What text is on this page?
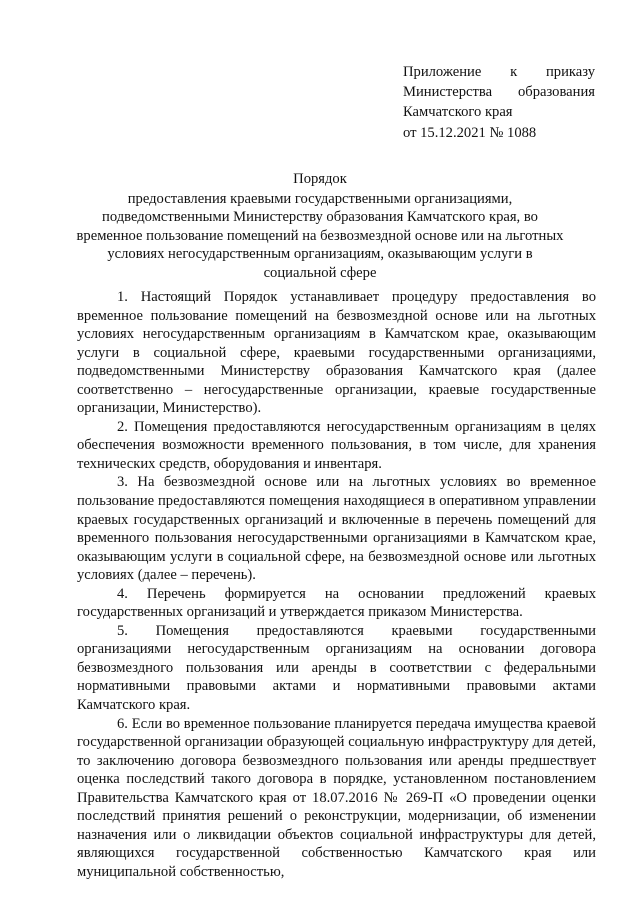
Приложение к приказу
Министерства образования
Камчатского края
от 15.12.2021 № 1088
Порядок
предоставления краевыми государственными организациями, подведомственными Министерству образования Камчатского края, во временное пользование помещений на безвозмездной основе или на льготных условиях негосударственным организациям, оказывающим услуги в социальной сфере

1. Настоящий Порядок устанавливает процедуру предоставления во временное пользование помещений на безвозмездной основе или на льготных условиях негосударственным организациям в Камчатском крае, оказывающим услуги в социальной сфере, краевыми государственными организациями, подведомственными Министерству образования Камчатского края (далее соответственно – негосударственные организации, краевые государственные организации, Министерство).

2. Помещения предоставляются негосударственным организациям в целях обеспечения возможности временного пользования, в том числе, для хранения технических средств, оборудования и инвентаря.

3. На безвозмездной основе или на льготных условиях во временное пользование предоставляются помещения находящиеся в оперативном управлении краевых государственных организаций и включенные в перечень помещений для временного пользования негосударственными организациями в Камчатском крае, оказывающим услуги в социальной сфере, на безвозмездной основе или льготных условиях (далее – перечень).

4. Перечень формируется на основании предложений краевых государственных организаций и утверждается приказом Министерства.

5. Помещения предоставляются краевыми государственными организациями негосударственным организациям на основании договора безвозмездного пользования или аренды в соответствии с федеральными нормативными правовыми актами и нормативными правовыми актами Камчатского края.

6. Если во временное пользование планируется передача имущества краевой государственной организации образующей социальную инфраструктуру для детей, то заключению договора безвозмездного пользования или аренды предшествует оценка последствий такого договора в порядке, установленном постановлением Правительства Камчатского края от 18.07.2016 № 269-П «О проведении оценки последствий принятия решений о реконструкции, модернизации, об изменении назначения или о ликвидации объектов социальной инфраструктуры для детей, являющихся государственной собственностью Камчатского края или муниципальной собственностью,
